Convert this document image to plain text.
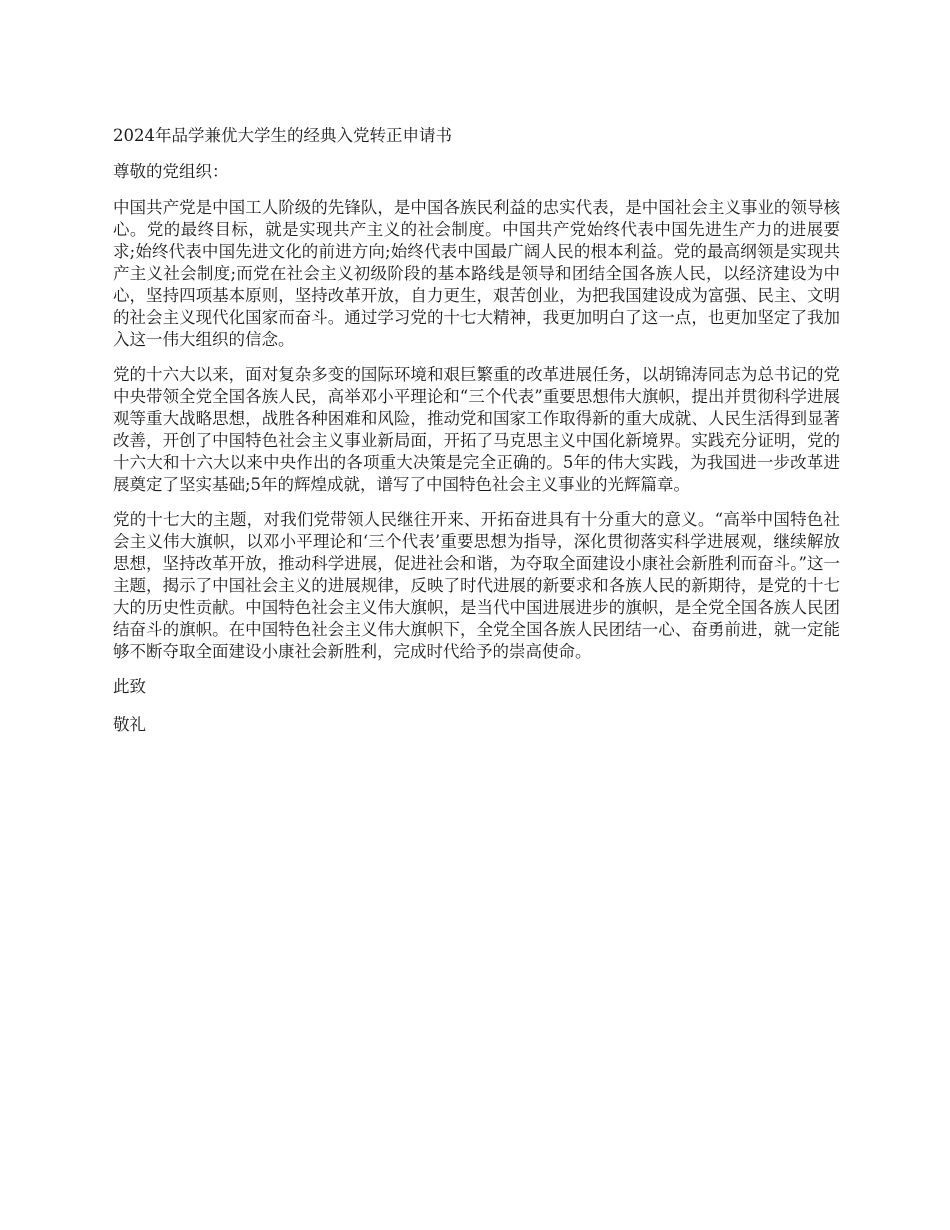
2024年品学兼优大学生的经典入党转正申请书

尊敬的党组织：

中国共产党是中国工人阶级的先锋队，是中国各族民利益的忠实代表，是中国社会主义事业的领导核心。党的最终目标，就是实现共产主义的社会制度。中国共产党始终代表中国先进生产力的进展要求;始终代表中国先进文化的前进方向;始终代表中国最广阔人民的根本利益。党的最高纲领是实现共产主义社会制度;而党在社会主义初级阶段的基本路线是领导和团结全国各族人民，以经济建设为中心，坚持四项基本原则，坚持改革开放，自力更生，艰苦创业，为把我国建设成为富强、民主、文明的社会主义现代化国家而奋斗。通过学习党的十七大精神，我更加明白了这一点，也更加坚定了我加入这一伟大组织的信念。

党的十六大以来，面对复杂多变的国际环境和艰巨繁重的改革进展任务，以胡锦涛同志为总书记的党中央带领全党全国各族人民，高举邓小平理论和“三个代表”重要思想伟大旗帜，提出并贯彻科学进展观等重大战略思想，战胜各种困难和风险，推动党和国家工作取得新的重大成就、人民生活得到显著改善，开创了中国特色社会主义事业新局面，开拓了马克思主义中国化新境界。实践充分证明，党的十六大和十六大以来中央作出的各项重大决策是完全正确的。5年的伟大实践，为我国进一步改革进展奠定了坚实基础;5年的辉煌成就，谱写了中国特色社会主义事业的光辉篇章。

党的十七大的主题，对我们党带领人民继往开来、开拓奋进具有十分重大的意义。“高举中国特色社会主义伟大旗帜，以邓小平理论和‘三个代表’重要思想为指导，深化贯彻落实科学进展观，继续解放思想，坚持改革开放，推动科学进展，促进社会和谐，为夺取全面建设小康社会新胜利而奋斗。”这一主题，揭示了中国社会主义的进展规律，反映了时代进展的新要求和各族人民的新期待，是党的十七大的历史性贡献。中国特色社会主义伟大旗帜，是当代中国进展进步的旗帜，是全党全国各族人民团结奋斗的旗帜。在中国特色社会主义伟大旗帜下，全党全国各族人民团结一心、奋勇前进，就一定能够不断夺取全面建设小康社会新胜利，完成时代给予的崇高使命。

此致

敬礼
